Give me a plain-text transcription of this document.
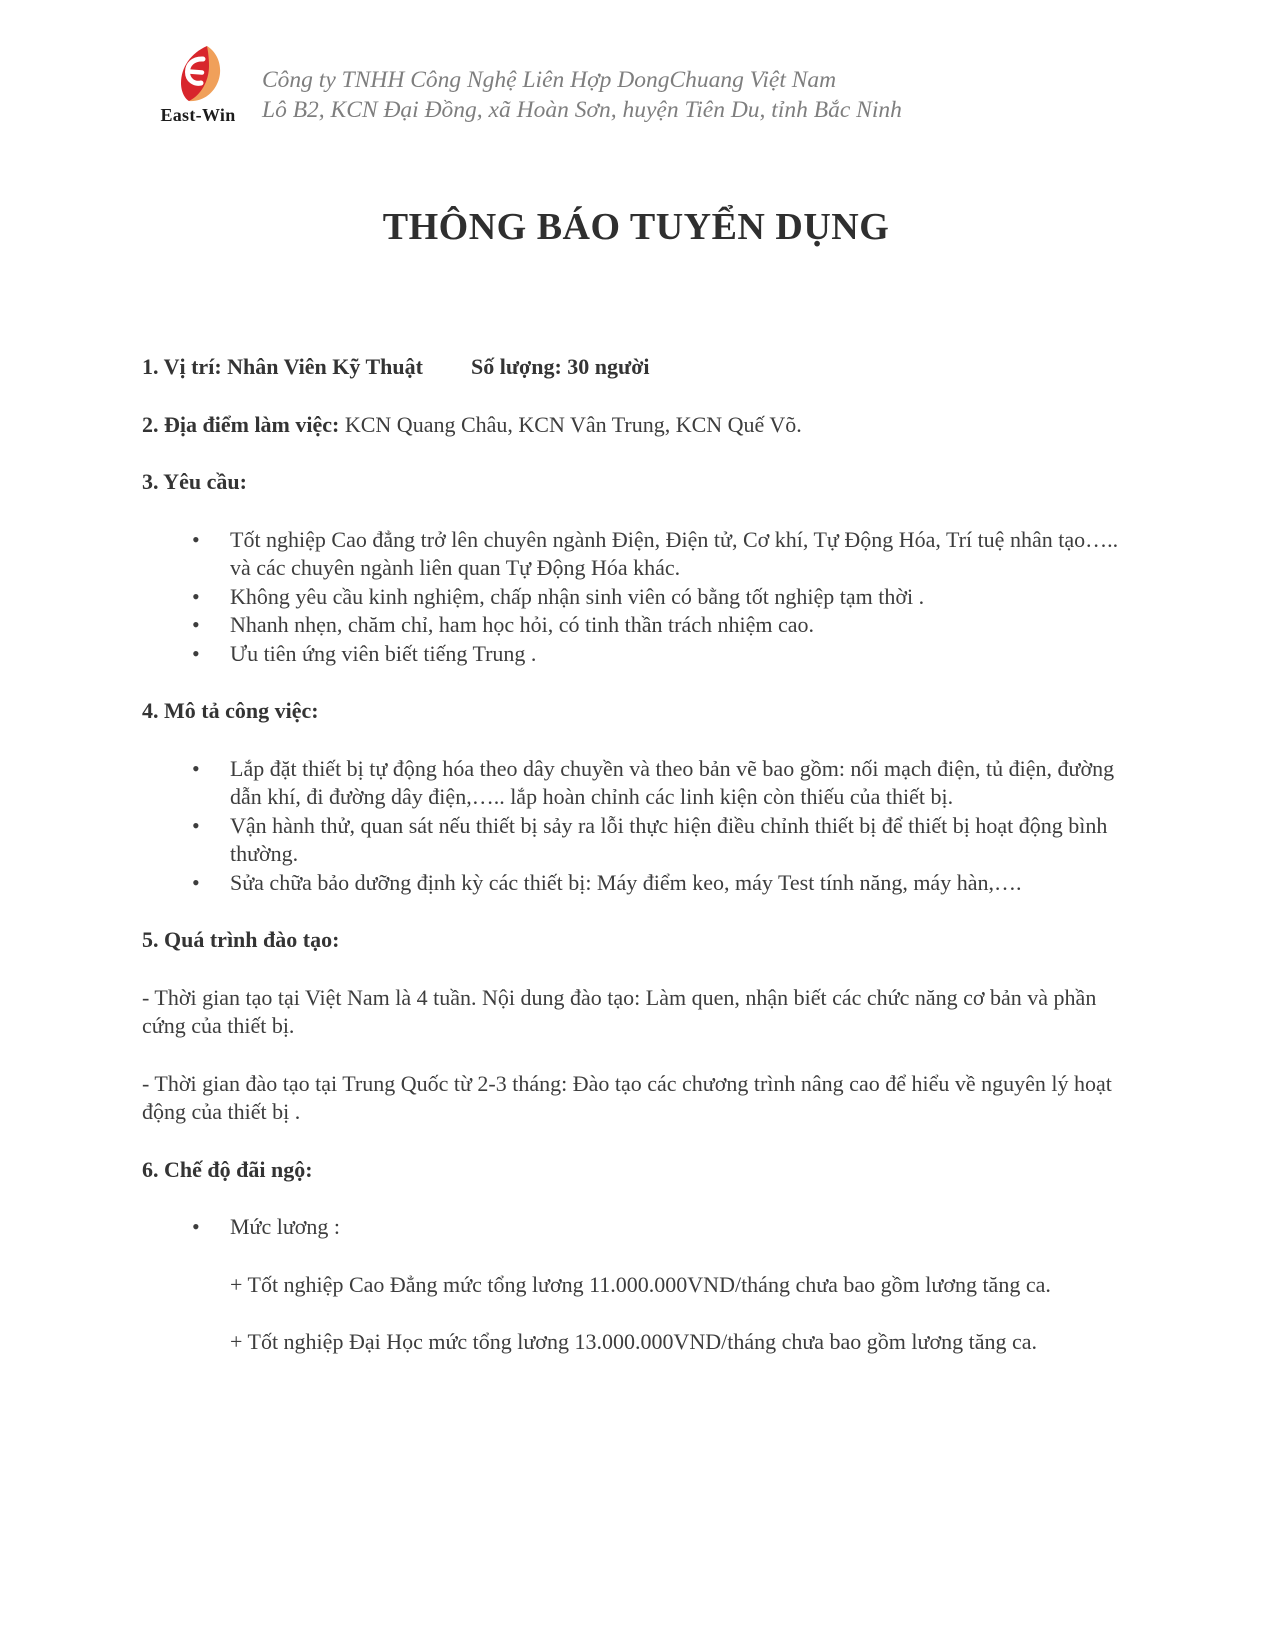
East-Win
Công ty TNHH Công Nghệ Liên Hợp DongChuang Việt Nam
Lô B2, KCN Đại Đồng, xã Hoàn Sơn, huyện Tiên Du, tỉnh Bắc Ninh
THÔNG BÁO TUYỂN DỤNG

1. Vị trí: Nhân Viên Kỹ Thuật Số lượng: 30 người

2. Địa điểm làm việc: KCN Quang Châu, KCN Vân Trung, KCN Quế Võ.

3. Yêu cầu:

• Tốt nghiệp Cao đẳng trở lên chuyên ngành Điện, Điện tử, Cơ khí, Tự Động Hóa, Trí tuệ nhân tạo….. và các chuyên ngành liên quan Tự Động Hóa khác.
• Không yêu cầu kinh nghiệm, chấp nhận sinh viên có bằng tốt nghiệp tạm thời .
• Nhanh nhẹn, chăm chỉ, ham học hỏi, có tinh thần trách nhiệm cao.
• Ưu tiên ứng viên biết tiếng Trung .

4. Mô tả công việc:

• Lắp đặt thiết bị tự động hóa theo dây chuyền và theo bản vẽ bao gồm: nối mạch điện, tủ điện, đường dẫn khí, đi đường dây điện,….. lắp hoàn chỉnh các linh kiện còn thiếu của thiết bị.
• Vận hành thử, quan sát nếu thiết bị sảy ra lỗi thực hiện điều chỉnh thiết bị để thiết bị hoạt động bình thường.
• Sửa chữa bảo dưỡng định kỳ các thiết bị: Máy điểm keo, máy Test tính năng, máy hàn,….

5. Quá trình đào tạo:

- Thời gian tạo tại Việt Nam là 4 tuần. Nội dung đào tạo: Làm quen, nhận biết các chức năng cơ bản và phần cứng của thiết bị.

- Thời gian đào tạo tại Trung Quốc từ 2-3 tháng: Đào tạo các chương trình nâng cao để hiểu về nguyên lý hoạt động của thiết bị .

6. Chế độ đãi ngộ:

• Mức lương :

+ Tốt nghiệp Cao Đẳng mức tổng lương 11.000.000VND/tháng chưa bao gồm lương tăng ca.

+ Tốt nghiệp Đại Học mức tổng lương 13.000.000VND/tháng chưa bao gồm lương tăng ca.
